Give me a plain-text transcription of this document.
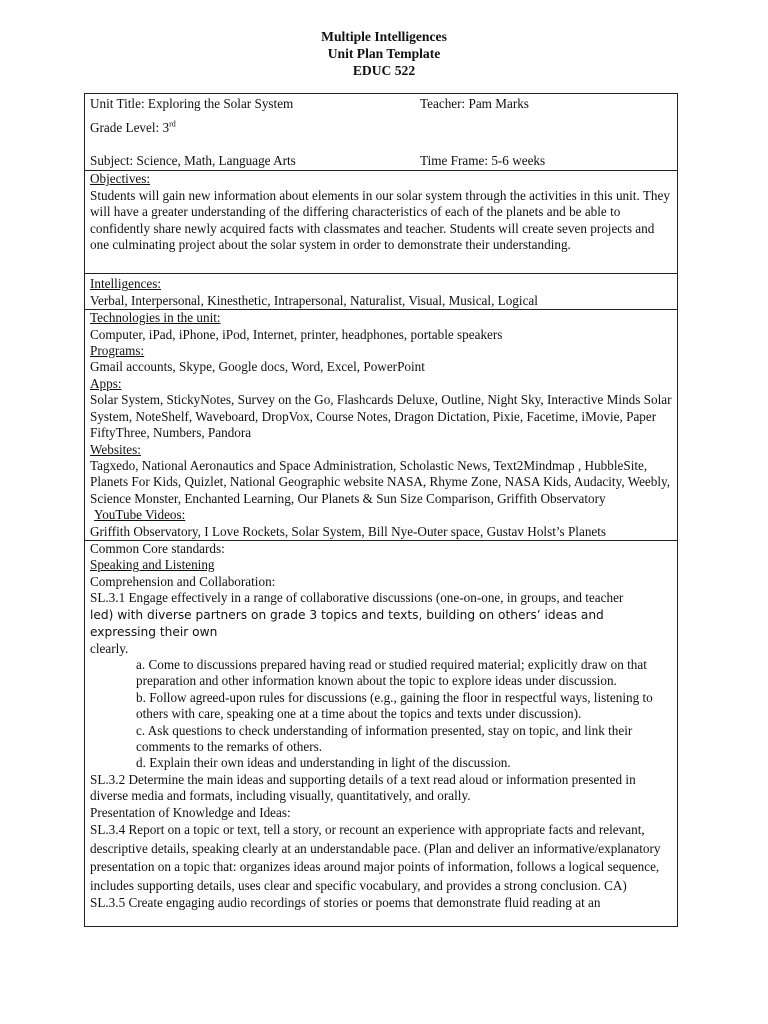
Multiple Intelligences
Unit Plan Template
EDUC 522
Unit Title: Exploring the Solar System	Teacher: Pam Marks
Grade Level: 3rd
Subject: Science, Math, Language Arts	Time Frame: 5-6 weeks

Objectives:

Students will gain new information about elements in our solar system through the activities in this unit. They will have a greater understanding of the differing characteristics of each of the planets and be able to confidently share newly acquired facts with classmates and teacher. Students will create seven projects and one culminating project about the solar system in order to demonstrate their understanding.

Intelligences:

Verbal, Interpersonal, Kinesthetic, Intrapersonal, Naturalist, Visual, Musical, Logical

Technologies in the unit:

Computer, iPad, iPhone, iPod, Internet, printer, headphones, portable speakers

Programs:

Gmail accounts, Skype, Google docs, Word, Excel, PowerPoint

Apps:

Solar System, StickyNotes, Survey on the Go, Flashcards Deluxe, Outline, Night Sky, Interactive Minds Solar System, NoteShelf, Waveboard, DropVox, Course Notes, Dragon Dictation, Pixie, Facetime, iMovie, Paper FiftyThree, Numbers, Pandora

Websites:

Tagxedo, National Aeronautics and Space Administration, Scholastic News, Text2Mindmap , HubbleSite, Planets For Kids, Quizlet, National Geographic website NASA, Rhyme Zone, NASA Kids, Audacity, Weebly, Science Monster, Enchanted Learning, Our Planets & Sun Size Comparison, Griffith Observatory

YouTube Videos:

Griffith Observatory, I Love Rockets, Solar System, Bill Nye-Outer space, Gustav Holst’s Planets

Common Core standards:

Speaking and Listening

Comprehension and Collaboration:

SL.3.1 Engage effectively in a range of collaborative discussions (one-on-one, in groups, and teacher

led) with diverse partners on grade 3 topics and texts, building on others’ ideas and expressing their own

clearly.

a. Come to discussions prepared having read or studied required material; explicitly draw on that preparation and other information known about the topic to explore ideas under discussion.

b. Follow agreed-upon rules for discussions (e.g., gaining the floor in respectful ways, listening to others with care, speaking one at a time about the topics and texts under discussion).

c. Ask questions to check understanding of information presented, stay on topic, and link their comments to the remarks of others.

d. Explain their own ideas and understanding in light of the discussion.

SL.3.2 Determine the main ideas and supporting details of a text read aloud or information presented in diverse media and formats, including visually, quantitatively, and orally.

Presentation of Knowledge and Ideas:

SL.3.4 Report on a topic or text, tell a story, or recount an experience with appropriate facts and relevant, descriptive details, speaking clearly at an understandable pace. (Plan and deliver an informative/explanatory presentation on a topic that: organizes ideas around major points of information, follows a logical sequence, includes supporting details, uses clear and specific vocabulary, and provides a strong conclusion. CA)

SL.3.5 Create engaging audio recordings of stories or poems that demonstrate fluid reading at an
